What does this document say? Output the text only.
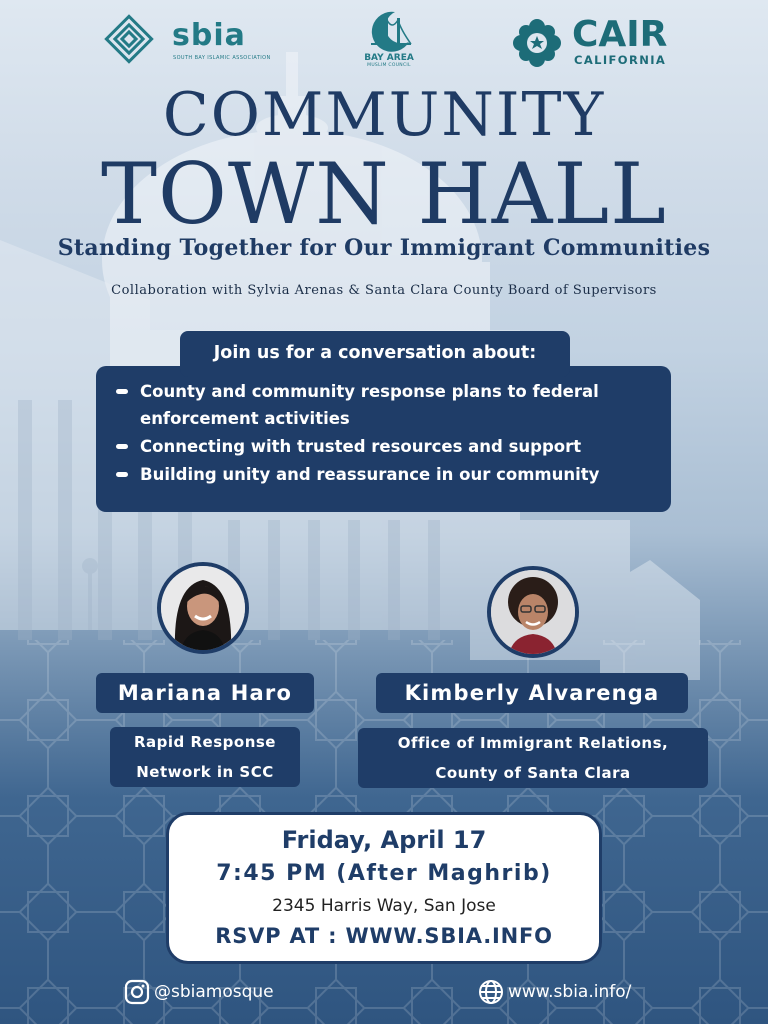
sbia
SOUTH BAY ISLAMIC ASSOCIATION	BAY AREA
MUSLIM COUNCIL
CAIR
CALIFORNIA
COMMUNITY
TOWN HALL
Standing Together for Our Immigrant Communities
Collaboration with Sylvia Arenas & Santa Clara County Board of Supervisors
County and community response plans to federal enforcement activities
Connecting with trusted resources and support
Building unity and reassurance in our community
Join us for a conversation about:
Mariana Haro
Rapid Response
Network in SCC
Kimberly Alvarenga
Office of Immigrant Relations,
County of Santa Clara
Friday, April 17
7:45 PM (After Maghrib)
2345 Harris Way, San Jose
RSVP AT : WWW.SBIA.INFO
@sbiamosque	www.sbia.info/
